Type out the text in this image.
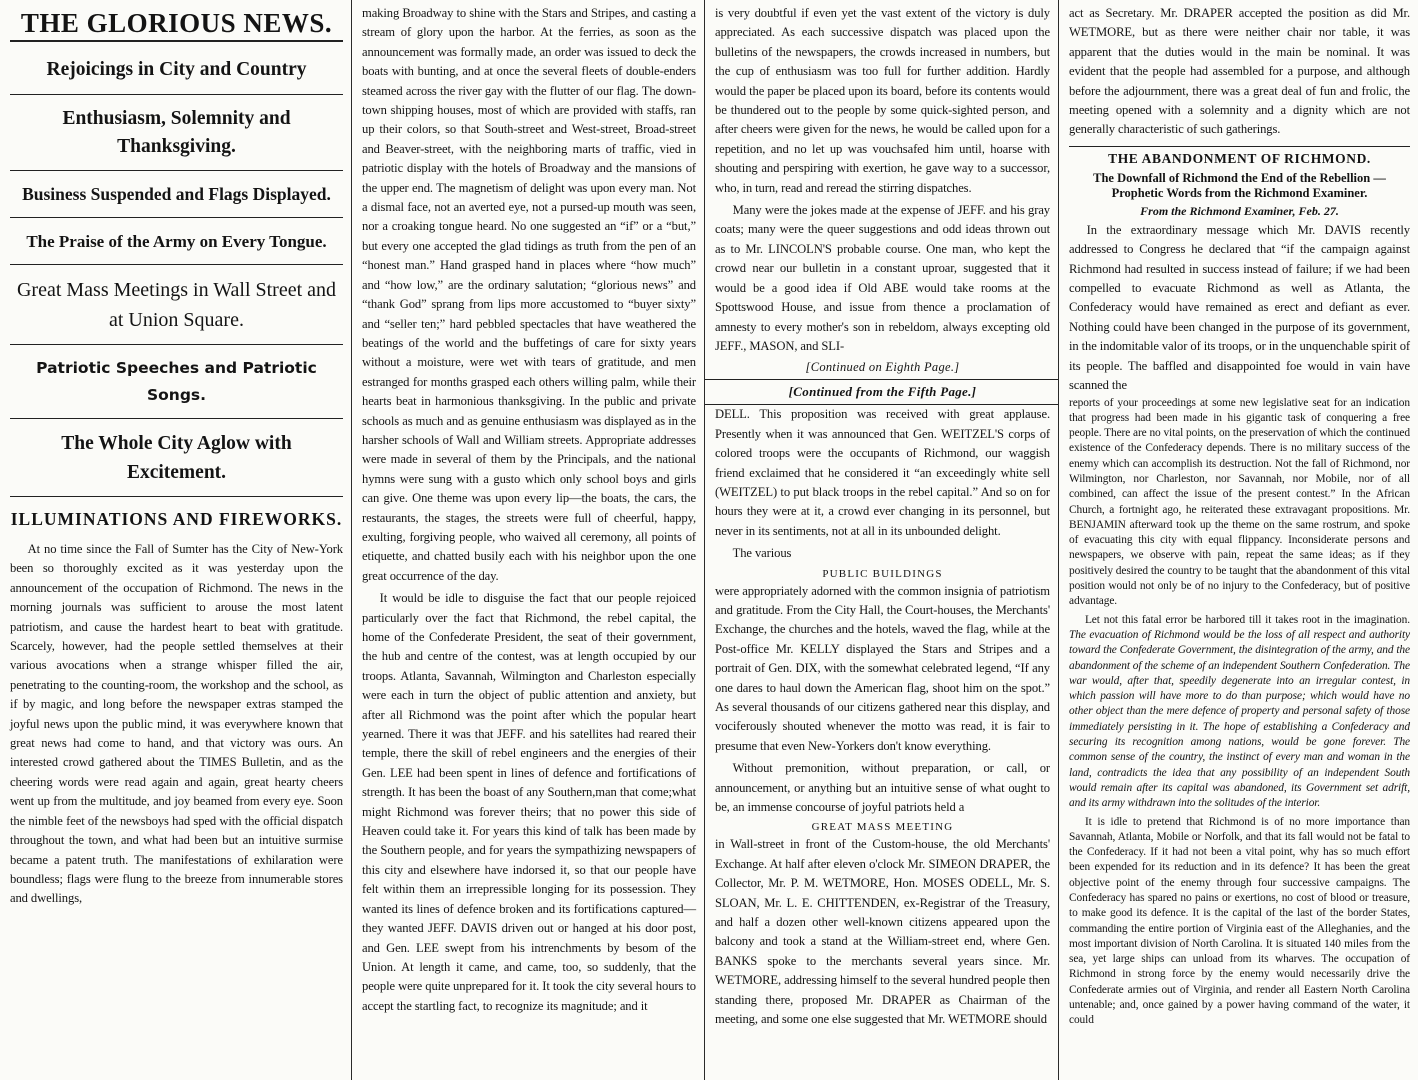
THE GLORIOUS NEWS.
Rejoicings in City and Country
Enthusiasm, Solemnity and Thanksgiving.
Business Suspended and Flags Displayed.
The Praise of the Army on Every Tongue.
Great Mass Meetings in Wall Street and at Union Square.
Patriotic Speeches and Patriotic Songs.
The Whole City Aglow with Excitement.
ILLUMINATIONS AND FIREWORKS.

At no time since the Fall of Sumter has the City of New-York been so thoroughly excited as it was yesterday upon the announcement of the occupation of Richmond. The news in the morning journals was sufficient to arouse the most latent patriotism, and cause the hardest heart to beat with gratitude. Scarcely, however, had the people settled themselves at their various avocations when a strange whisper filled the air, penetrating to the counting-room, the workshop and the school, as if by magic, and long before the newspaper extras stamped the joyful news upon the public mind, it was everywhere known that great news had come to hand, and that victory was ours. An interested crowd gathered about the TIMES Bulletin, and as the cheering words were read again and again, great hearty cheers went up from the multitude, and joy beamed from every eye. Soon the nimble feet of the newsboys had sped with the official dispatch throughout the town, and what had been but an intuitive surmise became a patent truth. The manifestations of exhilaration were boundless; flags were flung to the breeze from innumerable stores and dwellings,

making Broadway to shine with the Stars and Stripes, and casting a stream of glory upon the harbor. At the ferries, as soon as the announcement was formally made, an order was issued to deck the boats with bunting, and at once the several fleets of double-enders steamed across the river gay with the flutter of our flag. The down-town shipping houses, most of which are provided with staffs, ran up their colors, so that South-street and West-street, Broad-street and Beaver-street, with the neighboring marts of traffic, vied in patriotic display with the hotels of Broadway and the mansions of the upper end. The magnetism of delight was upon every man. Not a dismal face, not an averted eye, not a pursed-up mouth was seen, nor a croaking tongue heard. No one suggested an “if” or a “but,” but every one accepted the glad tidings as truth from the pen of an “honest man.” Hand grasped hand in places where “how much” and “how low,” are the ordinary salutation; “glorious news” and “thank God” sprang from lips more accustomed to “buyer sixty” and “seller ten;” hard pebbled spectacles that have weathered the beatings of the world and the buffetings of care for sixty years without a moisture, were wet with tears of gratitude, and men estranged for months grasped each others willing palm, while their hearts beat in harmonious thanksgiving. In the public and private schools as much and as genuine enthusiasm was displayed as in the harsher schools of Wall and William streets. Appropriate addresses were made in several of them by the Principals, and the national hymns were sung with a gusto which only school boys and girls can give. One theme was upon every lip—the boats, the cars, the restaurants, the stages, the streets were full of cheerful, happy, exulting, forgiving people, who waived all ceremony, all points of etiquette, and chatted busily each with his neighbor upon the one great occurrence of the day.

It would be idle to disguise the fact that our people rejoiced particularly over the fact that Richmond, the rebel capital, the home of the Confederate President, the seat of their government, the hub and centre of the contest, was at length occupied by our troops. Atlanta, Savannah, Wilmington and Charleston especially were each in turn the object of public attention and anxiety, but after all Richmond was the point after which the popular heart yearned. There it was that JEFF. and his satellites had reared their temple, there the skill of rebel engineers and the energies of their Gen. LEE had been spent in lines of defence and fortifications of strength. It has been the boast of any Southern,man that come;what might Richmond was forever theirs; that no power this side of Heaven could take it. For years this kind of talk has been made by the Southern people, and for years the sympathizing newspapers of this city and elsewhere have indorsed it, so that our people have felt within them an irrepressible longing for its possession. They wanted its lines of defence broken and its fortifications captured—they wanted JEFF. DAVIS driven out or hanged at his door post, and Gen. LEE swept from his intrenchments by besom of the Union. At length it came, and came, too, so suddenly, that the people were quite unprepared for it. It took the city several hours to accept the startling fact, to recognize its magnitude; and it

is very doubtful if even yet the vast extent of the victory is duly appreciated. As each successive dispatch was placed upon the bulletins of the newspapers, the crowds increased in numbers, but the cup of enthusiasm was too full for further addition. Hardly would the paper be placed upon its board, before its contents would be thundered out to the people by some quick-sighted person, and after cheers were given for the news, he would be called upon for a repetition, and no let up was vouchsafed him until, hoarse with shouting and perspiring with exertion, he gave way to a successor, who, in turn, read and reread the stirring dispatches.

Many were the jokes made at the expense of JEFF. and his gray coats; many were the queer suggestions and odd ideas thrown out as to Mr. LINCOLN'S probable course. One man, who kept the crowd near our bulletin in a constant uproar, suggested that it would be a good idea if Old ABE would take rooms at the Spottswood House, and issue from thence a proclamation of amnesty to every mother's son in rebeldom, always excepting old JEFF., MASON, and SLI-

[Continued on Eighth Page.]
[Continued from the Fifth Page.]

DELL. This proposition was received with great applause. Presently when it was announced that Gen. WEITZEL'S corps of colored troops were the occupants of Richmond, our waggish friend exclaimed that he considered it “an exceedingly white sell (WEITZEL) to put black troops in the rebel capital.” And so on for hours they were at it, a crowd ever changing in its personnel, but never in its sentiments, not at all in its unbounded delight.

The various

PUBLIC BUILDINGS

were appropriately adorned with the common insignia of patriotism and gratitude. From the City Hall, the Court-houses, the Merchants' Exchange, the churches and the hotels, waved the flag, while at the Post-office Mr. KELLY displayed the Stars and Stripes and a portrait of Gen. DIX, with the somewhat celebrated legend, “If any one dares to haul down the American flag, shoot him on the spot.” As several thousands of our citizens gathered near this display, and vociferously shouted whenever the motto was read, it is fair to presume that even New-Yorkers don't know everything.

Without premonition, without preparation, or call, or announcement, or anything but an intuitive sense of what ought to be, an immense concourse of joyful patriots held a

GREAT MASS MEETING

in Wall-street in front of the Custom-house, the old Merchants' Exchange. At half after eleven o'clock Mr. SIMEON DRAPER, the Collector, Mr. P. M. WETMORE, Hon. MOSES ODELL, Mr. S. SLOAN, Mr. L. E. CHITTENDEN, ex-Registrar of the Treasury, and half a dozen other well-known citizens appeared upon the balcony and took a stand at the William-street end, where Gen. BANKS spoke to the merchants several years since. Mr. WETMORE, addressing himself to the several hundred people then standing there, proposed Mr. DRAPER as Chairman of the meeting, and some one else suggested that Mr. WETMORE should

act as Secretary. Mr. DRAPER accepted the position as did Mr. WETMORE, but as there were neither chair nor table, it was apparent that the duties would in the main be nominal. It was evident that the people had assembled for a purpose, and although before the adjournment, there was a great deal of fun and frolic, the meeting opened with a solemnity and a dignity which are not generally characteristic of such gatherings.

THE ABANDONMENT OF RICHMOND.
The Downfall of Richmond the End of the Rebellion — Prophetic Words from the Richmond Examiner.
From the Richmond Examiner, Feb. 27.

In the extraordinary message which Mr. DAVIS recently addressed to Congress he declared that “if the campaign against Richmond had resulted in success instead of failure; if we had been compelled to evacuate Richmond as well as Atlanta, the Confederacy would have remained as erect and defiant as ever. Nothing could have been changed in the purpose of its government, in the indomitable valor of its troops, or in the unquenchable spirit of its people. The baffled and disappointed foe would in vain have scanned the

reports of your proceedings at some new legislative seat for an indication that progress had been made in his gigantic task of conquering a free people. There are no vital points, on the preservation of which the continued existence of the Confederacy depends. There is no military success of the enemy which can accomplish its destruction. Not the fall of Richmond, nor Wilmington, nor Charleston, nor Savannah, nor Mobile, nor of all combined, can affect the issue of the present contest.” In the African Church, a fortnight ago, he reiterated these extravagant propositions. Mr. BENJAMIN afterward took up the theme on the same rostrum, and spoke of evacuating this city with equal flippancy. Inconsiderate persons and newspapers, we observe with pain, repeat the same ideas; as if they positively desired the country to be taught that the abandonment of this vital position would not only be of no injury to the Confederacy, but of positive advantage.

Let not this fatal error be harbored till it takes root in the imagination. The evacuation of Richmond would be the loss of all respect and authority toward the Confederate Government, the disintegration of the army, and the abandonment of the scheme of an independent Southern Confederation. The war would, after that, speedily degenerate into an irregular contest, in which passion will have more to do than purpose; which would have no other object than the mere defence of property and personal safety of those immediately persisting in it. The hope of establishing a Confederacy and securing its recognition among nations, would be gone forever. The common sense of the country, the instinct of every man and woman in the land, contradicts the idea that any possibility of an independent South would remain after its capital was abandoned, its Government set adrift, and its army withdrawn into the solitudes of the interior.

It is idle to pretend that Richmond is of no more importance than Savannah, Atlanta, Mobile or Norfolk, and that its fall would not be fatal to the Confederacy. If it had not been a vital point, why has so much effort been expended for its reduction and in its defence? It has been the great objective point of the enemy through four successive campaigns. The Confederacy has spared no pains or exertions, no cost of blood or treasure, to make good its defence. It is the capital of the last of the border States, commanding the entire portion of Virginia east of the Alleghanies, and the most important division of North Carolina. It is situated 140 miles from the sea, yet large ships can unload from its wharves. The occupation of Richmond in strong force by the enemy would necessarily drive the Confederate armies out of Virginia, and render all Eastern North Carolina untenable; and, once gained by a power having command of the water, it could
